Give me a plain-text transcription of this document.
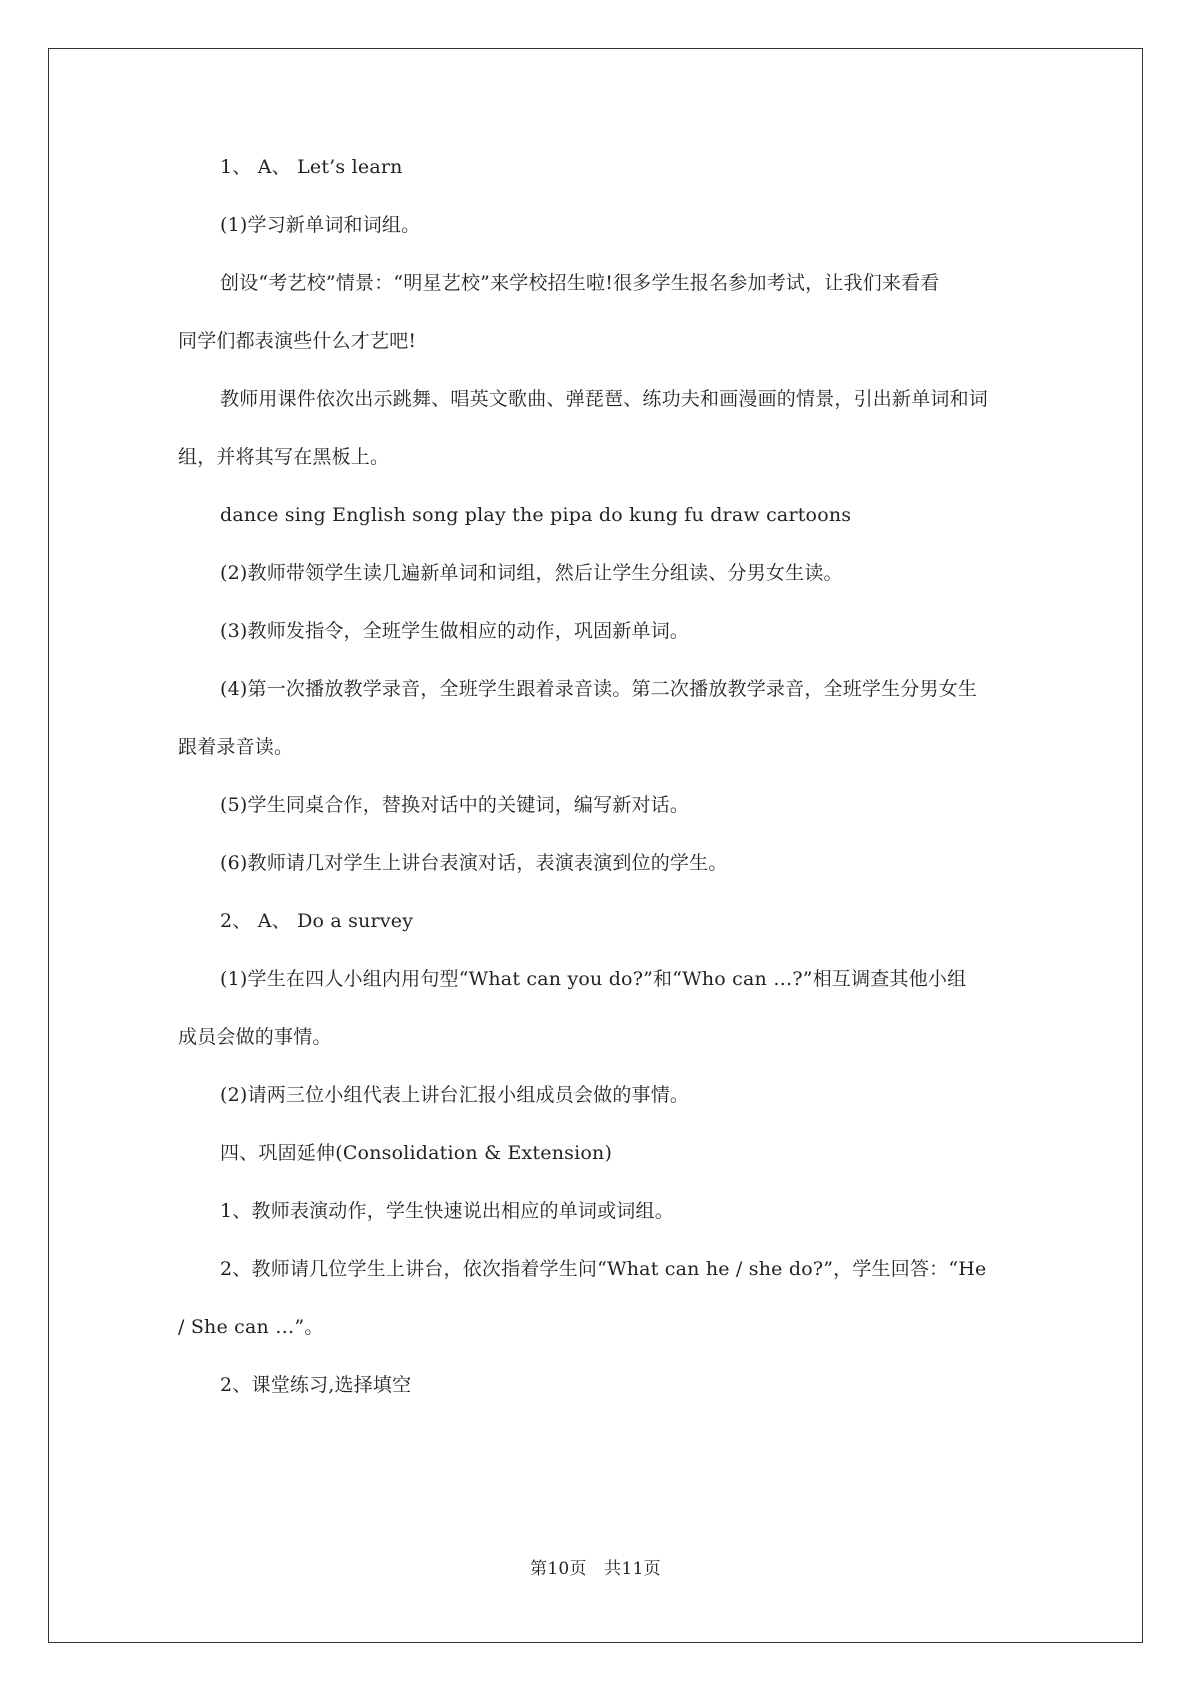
1、 A、 Let’s learn
(1)学习新单词和词组。
创设“考艺校”情景：“明星艺校”来学校招生啦!很多学生报名参加考试，让我们来看看
同学们都表演些什么才艺吧!
教师用课件依次出示跳舞、唱英文歌曲、弹琵琶、练功夫和画漫画的情景，引出新单词和词
组，并将其写在黑板上。
dance sing English song play the pipa do kung fu draw cartoons
(2)教师带领学生读几遍新单词和词组，然后让学生分组读、分男女生读。
(3)教师发指令，全班学生做相应的动作，巩固新单词。
(4)第一次播放教学录音，全班学生跟着录音读。第二次播放教学录音，全班学生分男女生
跟着录音读。
(5)学生同桌合作，替换对话中的关键词，编写新对话。
(6)教师请几对学生上讲台表演对话，表演表演到位的学生。
2、 A、 Do a survey
(1)学生在四人小组内用句型“What can you do?”和“Who can …?”相互调查其他小组
成员会做的事情。
(2)请两三位小组代表上讲台汇报小组成员会做的事情。
四、巩固延伸(Consolidation & Extension)
1、教师表演动作，学生快速说出相应的单词或词组。
2、教师请几位学生上讲台，依次指着学生问“What can he / she do?”，学生回答：“He
/ She can …”。
2、课堂练习,选择填空
第10页　共11页
